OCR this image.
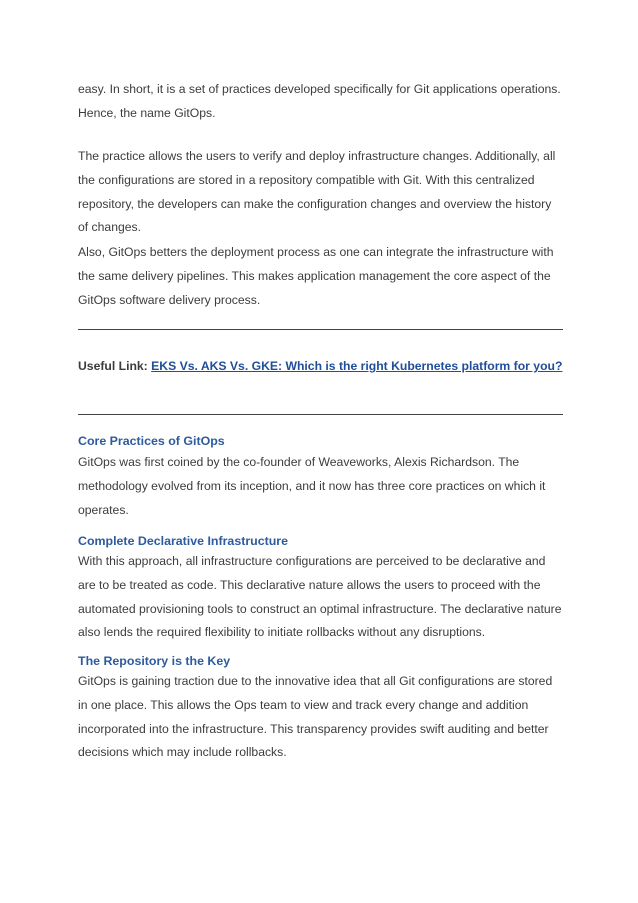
easy. In short, it is a set of practices developed specifically for Git applications operations. Hence, the name GitOps.

The practice allows the users to verify and deploy infrastructure changes. Additionally, all the configurations are stored in a repository compatible with Git. With this centralized repository, the developers can make the configuration changes and overview the history of changes.

Also, GitOps betters the deployment process as one can integrate the infrastructure with the same delivery pipelines. This makes application management the core aspect of the GitOps software delivery process.

Useful Link: EKS Vs. AKS Vs. GKE: Which is the right Kubernetes platform for you?
Core Practices of GitOps

GitOps was first coined by the co-founder of Weaveworks, Alexis Richardson. The methodology evolved from its inception, and it now has three core practices on which it operates.

Complete Declarative Infrastructure

With this approach, all infrastructure configurations are perceived to be declarative and are to be treated as code. This declarative nature allows the users to proceed with the automated provisioning tools to construct an optimal infrastructure. The declarative nature also lends the required flexibility to initiate rollbacks without any disruptions.

The Repository is the Key

GitOps is gaining traction due to the innovative idea that all Git configurations are stored in one place. This allows the Ops team to view and track every change and addition incorporated into the infrastructure. This transparency provides swift auditing and better decisions which may include rollbacks.
